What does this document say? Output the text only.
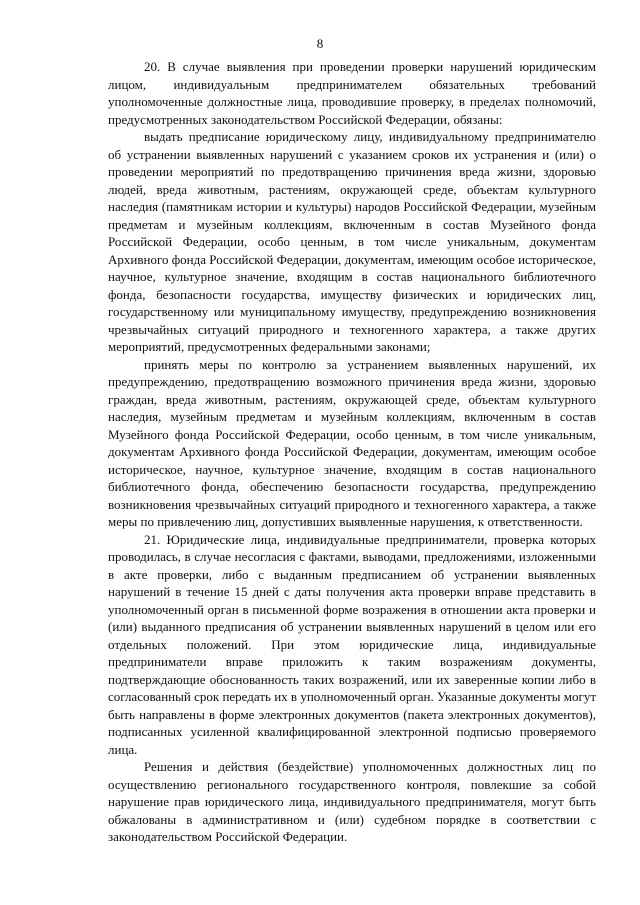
8

20. В случае выявления при проведении проверки нарушений юридическим лицом, индивидуальным предпринимателем обязательных требований уполномоченные должностные лица, проводившие проверку, в пределах полномочий, предусмотренных законодательством Российской Федерации, обязаны:

выдать предписание юридическому лицу, индивидуальному предпринимателю об устранении выявленных нарушений с указанием сроков их устранения и (или) о проведении мероприятий по предотвращению причинения вреда жизни, здоровью людей, вреда животным, растениям, окружающей среде, объектам культурного наследия (памятникам истории и культуры) народов Российской Федерации, музейным предметам и музейным коллекциям, включенным в состав Музейного фонда Российской Федерации, особо ценным, в том числе уникальным, документам Архивного фонда Российской Федерации, документам, имеющим особое историческое, научное, культурное значение, входящим в состав национального библиотечного фонда, безопасности государства, имуществу физических и юридических лиц, государственному или муниципальному имуществу, предупреждению возникновения чрезвычайных ситуаций природного и техногенного характера, а также других мероприятий, предусмотренных федеральными законами;

принять меры по контролю за устранением выявленных нарушений, их предупреждению, предотвращению возможного причинения вреда жизни, здоровью граждан, вреда животным, растениям, окружающей среде, объектам культурного наследия, музейным предметам и музейным коллекциям, включенным в состав Музейного фонда Российской Федерации, особо ценным, в том числе уникальным, документам Архивного фонда Российской Федерации, документам, имеющим особое историческое, научное, культурное значение, входящим в состав национального библиотечного фонда, обеспечению безопасности государства, предупреждению возникновения чрезвычайных ситуаций природного и техногенного характера, а также меры по привлечению лиц, допустивших выявленные нарушения, к ответственности.

21. Юридические лица, индивидуальные предприниматели, проверка которых проводилась, в случае несогласия с фактами, выводами, предложениями, изложенными в акте проверки, либо с выданным предписанием об устранении выявленных нарушений в течение 15 дней с даты получения акта проверки вправе представить в уполномоченный орган в письменной форме возражения в отношении акта проверки и (или) выданного предписания об устранении выявленных нарушений в целом или его отдельных положений. При этом юридические лица, индивидуальные предприниматели вправе приложить к таким возражениям документы, подтверждающие обоснованность таких возражений, или их заверенные копии либо в согласованный срок передать их в уполномоченный орган. Указанные документы могут быть направлены в форме электронных документов (пакета электронных документов), подписанных усиленной квалифицированной электронной подписью проверяемого лица.

Решения и действия (бездействие) уполномоченных должностных лиц по осуществлению регионального государственного контроля, повлекшие за собой нарушение прав юридического лица, индивидуального предпринимателя, могут быть обжалованы в административном и (или) судебном порядке в соответствии с законодательством Российской Федерации.
